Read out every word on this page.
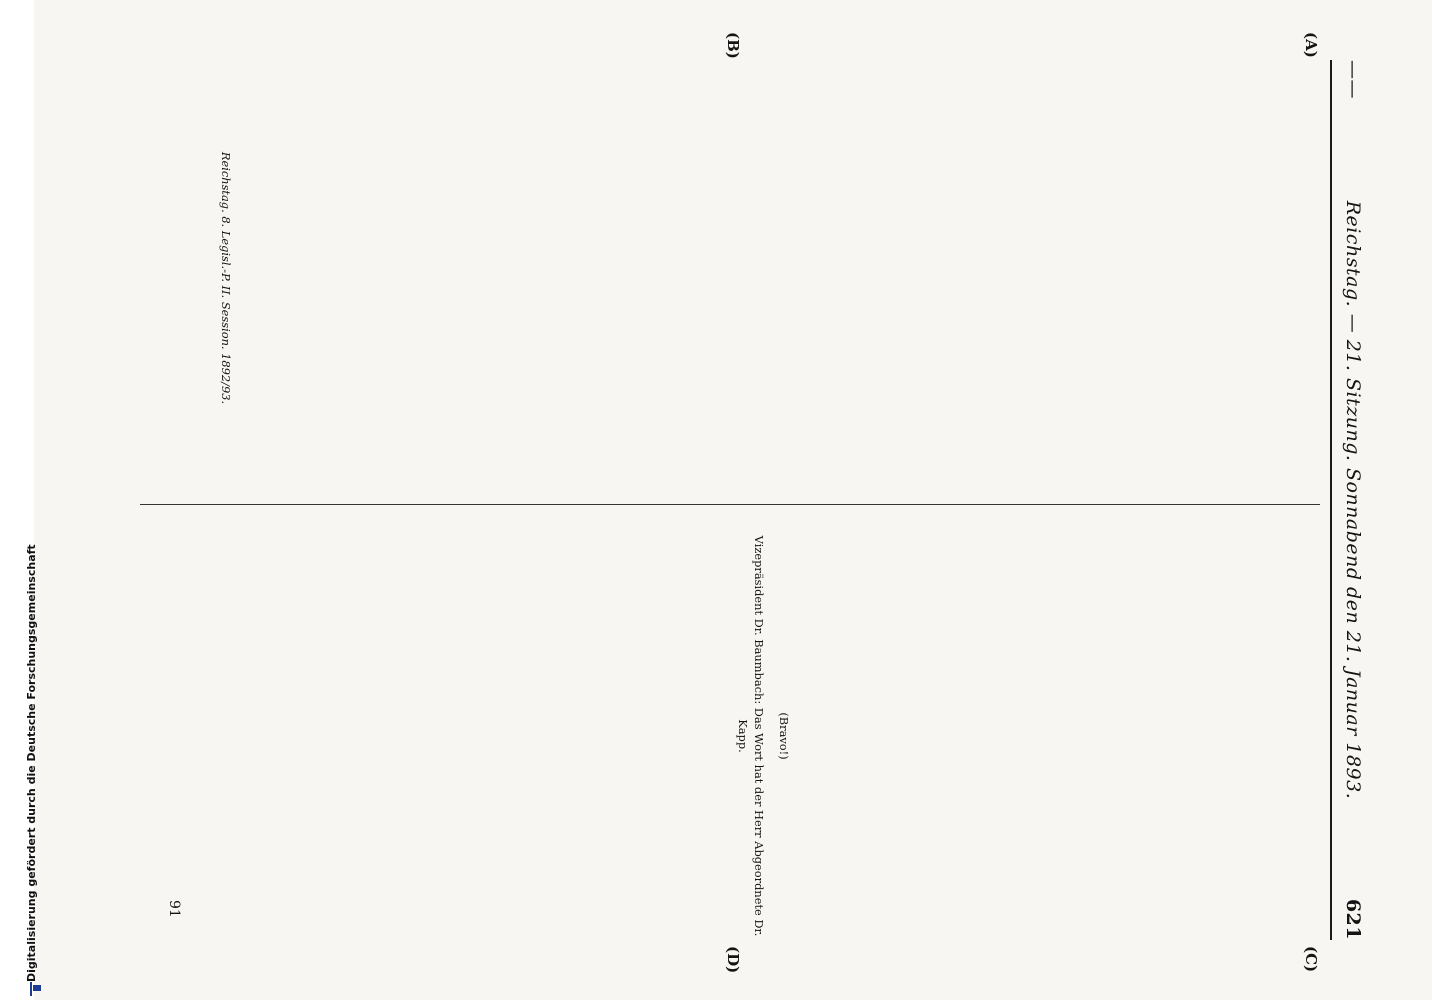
Digitalisierung gefördert durch die Deutsche Forschungsgemeinschaft
——
Reichstag. — 21. Sitzung. Sonnabend den 21. Januar 1893.
621
(A)
(B)
(C)
(D)

Reichstag. 8. Legisl.-P. II. Session. 1892/93.

(Bravo!)

Vizepräsident Dr. Baumbach: Das Wort hat der Herr Abgeordnete Dr. Kapp.

91
